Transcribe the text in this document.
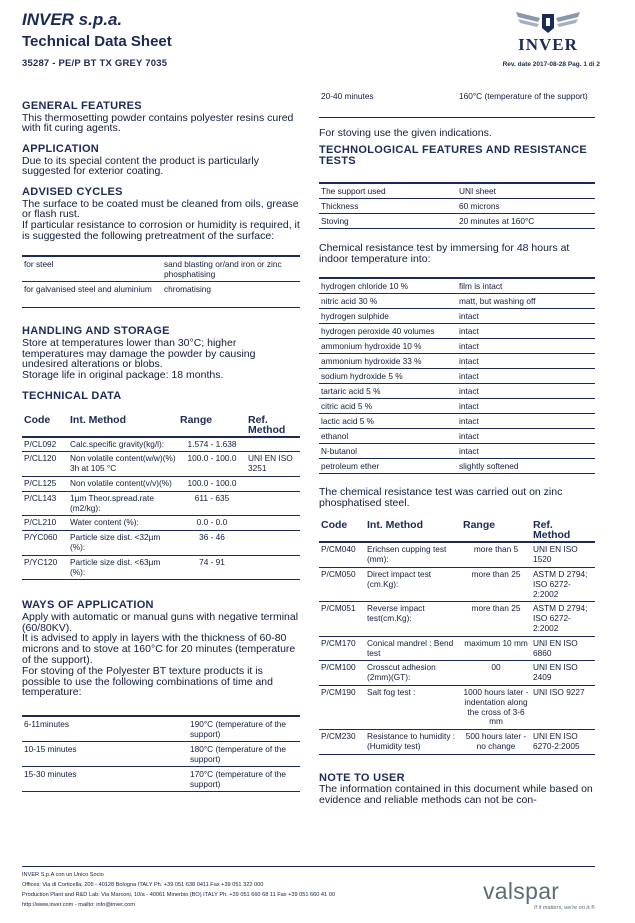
INVER s.p.a.
Technical Data Sheet
35287 - PE/P BT TX GREY 7035
INVER
Rev. date 2017-08-28 Pag. 1 di 2
GENERAL FEATURES
This thermosetting powder contains polyester resins cured with fit curing agents.
APPLICATION
Due to its special content the product is particularly suggested for exterior coating.
ADVISED CYCLES
The surface to be coated must be cleaned from oils, grease or flash rust.
If particular resistance to corrosion or humidity is required, it is suggested the following pretreatment of the surface:
for steel	sand blasting or/and iron or zinc phosphatising
for galvanised steel and aluminium	chromatising
HANDLING AND STORAGE
Store at temperatures lower than 30°C; higher temperatures may damage the powder by causing undesired alterations or blobs.
Storage life in original package: 18 months.
TECHNICAL DATA
Code	Int. Method	Range	Ref. Method
P/CL092	Calc.specific gravity(kg/l):	1.574 - 1.638	
P/CL120	Non volatile content(w/w)(%) 3h at 105 °C	100.0 - 100.0	UNI EN ISO 3251
P/CL125	Non volatile content(v/v)(%)	100.0 - 100.0	
P/CL143	1µm Theor.spread.rate (m2/kg):	611 - 635	
P/CL210	Water content (%):	0.0 - 0.0	
P/YC060	Particle size dist. <32µm (%):	36 - 46	
P/YC120	Particle size dist. <63µm (%):	74 - 91	
WAYS OF APPLICATION
Apply with automatic or manual guns with negative terminal (60/80KV).
It is advised to apply in layers with the thickness of 60-80 microns and to stove at 160°C for 20 minutes (temperature of the support).
For stoving of the Polyester BT texture products it is possible to use the following combinations of time and temperature:
6-11minutes	190°C (temperature of the support)
10-15 minutes	180°C (temperature of the support)
15-30 minutes	170°C (temperature of the support)
20-40 minutes	160°C (temperature of the support)
For stoving use the given indications.
TECHNOLOGICAL FEATURES AND RESISTANCE TESTS
The support used	UNI sheet
Thickness	60 microns
Stoving	20 minutes at 160°C
Chemical resistance test by immersing for 48 hours at indoor temperature into:
hydrogen chloride 10 %	film is intact
nitric acid 30 %	matt, but washing off
hydrogen sulphide	intact
hydrogen peroxide 40 volumes	intact
ammonium hydroxide 10 %	intact
ammonium hydroxide 33 %	intact
sodium hydroxide 5 %	intact
tartaric acid 5 %	intact
citric acid 5 %	intact
lactic acid 5 %	intact
ethanol	intact
N-butanol	intact
petroleum ether	slightly softened
The chemical resistance test was carried out on zinc phosphatised steel.
Code	Int. Method	Range	Ref. Method
P/CM040	Erichsen cupping test (mm):	more than 5	UNI EN ISO 1520
P/CM050	Direct impact test (cm.Kg):	more than 25	ASTM D 2794; ISO 6272-2:2002
P/CM051	Reverse impact test(cm.Kg):	more than 25	ASTM D 2794; ISO 6272-2:2002
P/CM170	Conical mandrel : Bend test	maximum 10 mm	UNI EN ISO 6860
P/CM100	Crosscut adhesion (2mm)(GT):	00	UNI EN ISO 2409
P/CM190	Salt fog test :	1000 hours later - indentation along the cross of 3-6 mm	UNI ISO 9227
P/CM230	Resistance to humidity : (Humidity test)	500 hours later - no change	UNI EN ISO 6270-2:2005
NOTE TO USER
The information contained in this document while based on evidence and reliable methods can not be con-
INVER S.p.A con un Unico Socio
Offices: Via di Corticella, 205 - 40128 Bologna ITALY Ph. +39 051 638 0411 Fax +39 051 322 000
Production Plant and R&D Lab: Via Marconi, 10/a - 40061 Minerbio (BO) ITALY Ph. +39 051 660 68 11 Fax +39 051 660 41 00
http://www.inver.com - mailto: info@inver.com
valspar
If it matters, we're on it.®
